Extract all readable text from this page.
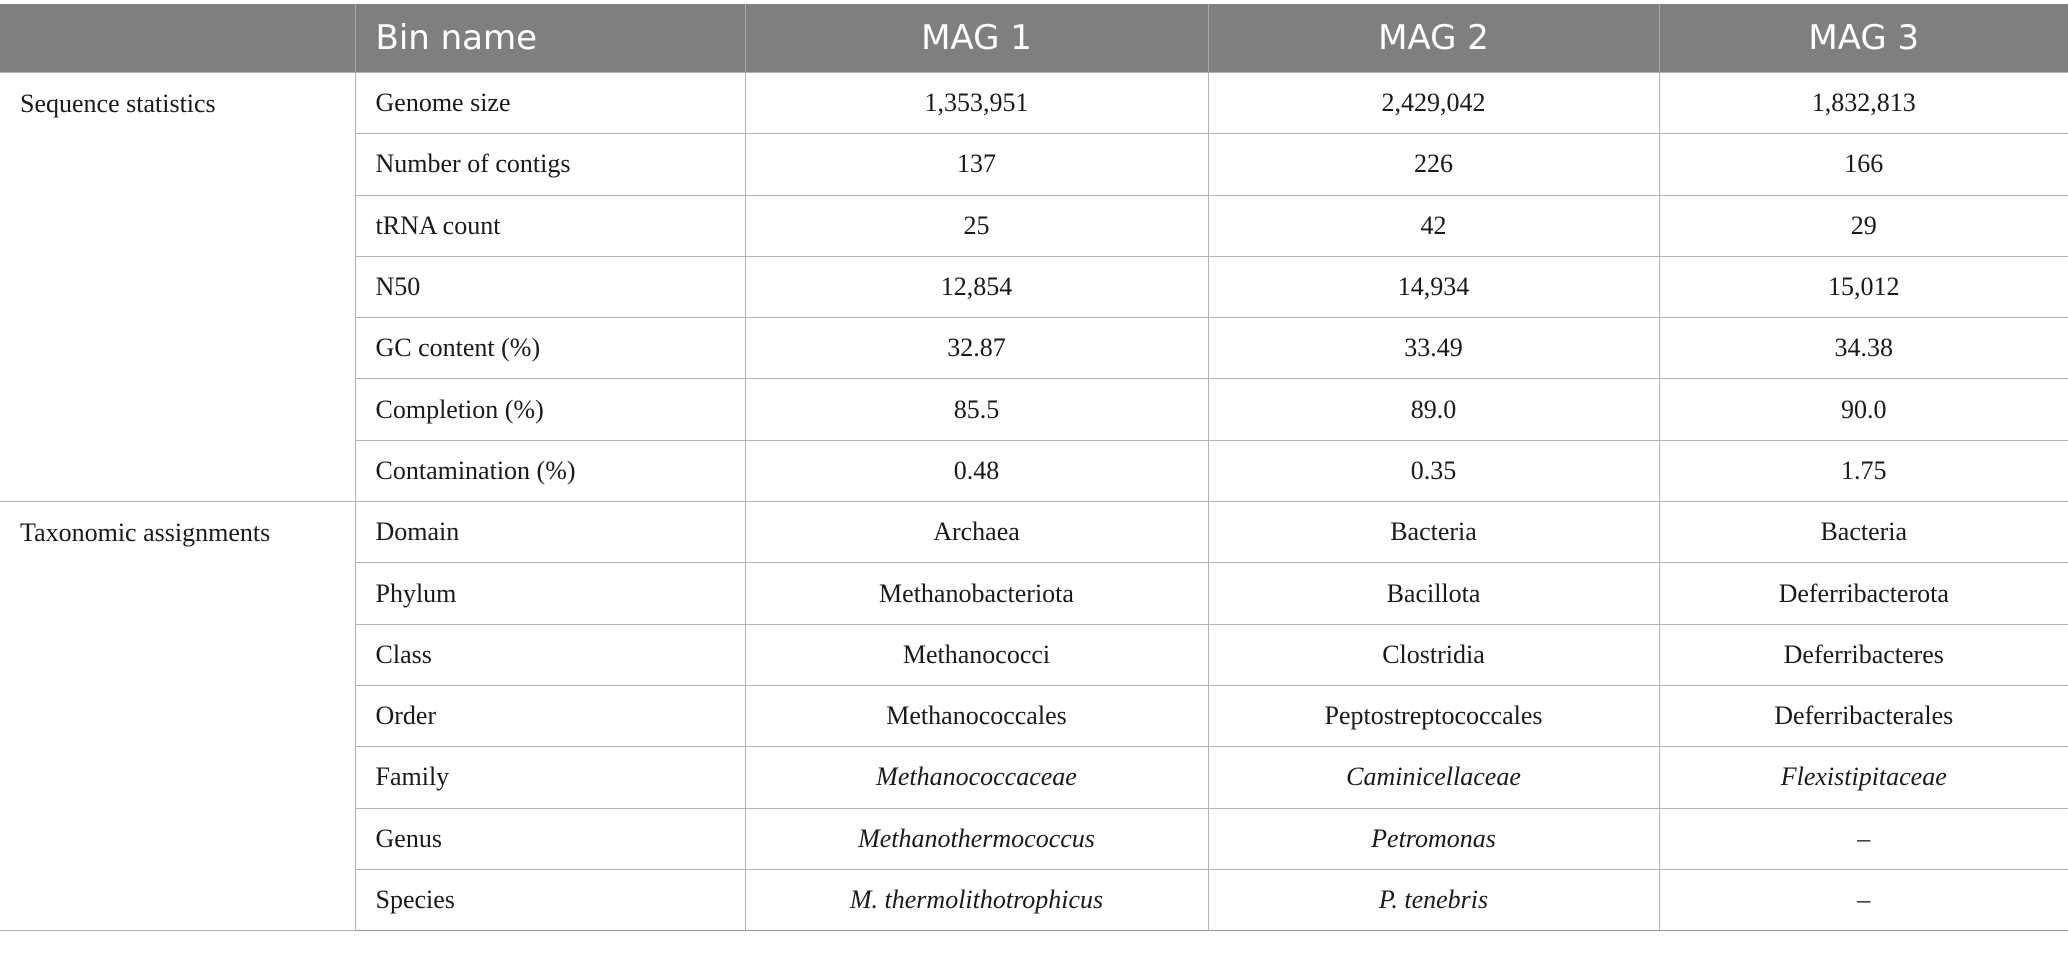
	Bin name	MAG 1	MAG 2	MAG 3
Sequence statistics	Genome size	1,353,951	2,429,042	1,832,813
	Number of contigs	137	226	166
	tRNA count	25	42	29
	N50	12,854	14,934	15,012
	GC content (%)	32.87	33.49	34.38
	Completion (%)	85.5	89.0	90.0
	Contamination (%)	0.48	0.35	1.75
Taxonomic assignments	Domain	Archaea	Bacteria	Bacteria
	Phylum	Methanobacteriota	Bacillota	Deferribacterota
	Class	Methanococci	Clostridia	Deferribacteres
	Order	Methanococcales	Peptostreptococcales	Deferribacterales
	Family	Methanococcaceae	Caminicellaceae	Flexistipitaceae
	Genus	Methanothermococcus	Petromonas	–
	Species	M. thermolithotrophicus	P. tenebris	–
